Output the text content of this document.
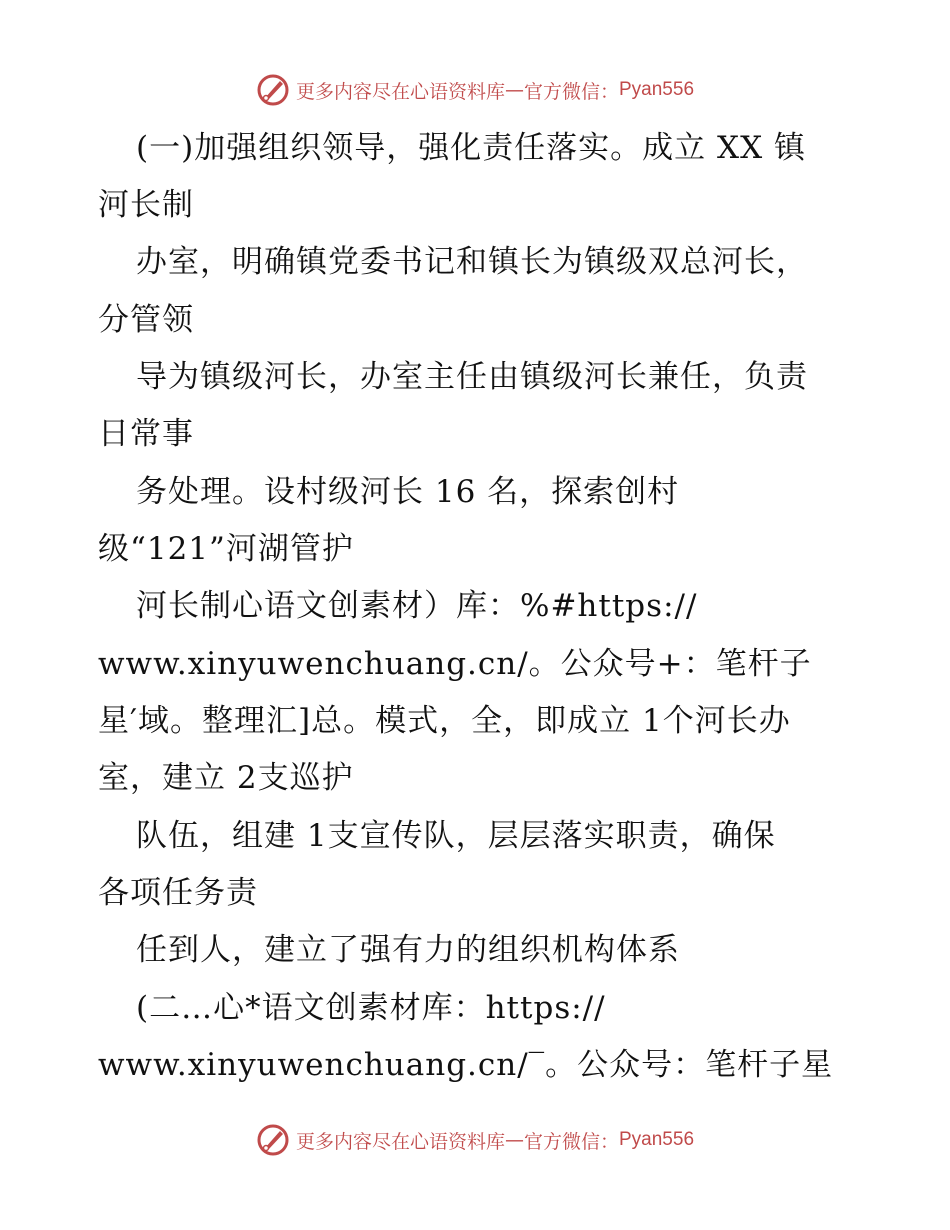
更多内容尽在心语资料库 — 官方微信： Pyan556
(一)加强组织领导，强化责任落实。成立 XX 镇
河长制
办室，明确镇党委书记和镇长为镇级双总河长，
分管领
导为镇级河长，办室主任由镇级河长兼任，负责
日常事
务处理。设村级河长 16 名，探索创村
级“121”河湖管护
河长制心语文创素材）库：%#https://
www.xinyuwenchuang.cn/。公众号+：笔杆子
星′域。整理汇]总。模式，全，即成立 1个河长办
室，建立 2支巡护
队伍，组建 1支宣传队，层层落实职责，确保
各项任务责
任到人，建立了强有力的组织机构体系
(二…心*语文创素材库：https://
www.xinyuwenchuang.cn/‾。公众号：笔杆子星
更多内容尽在心语资料库 — 官方微信： Pyan556
